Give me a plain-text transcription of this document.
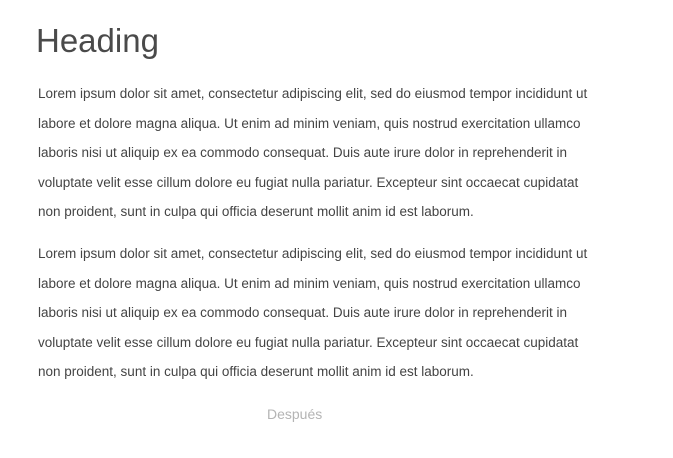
Heading

Lorem ipsum dolor sit amet, consectetur adipiscing elit, sed do eiusmod tempor incididunt ut
labore et dolore magna aliqua. Ut enim ad minim veniam, quis nostrud exercitation ullamco
laboris nisi ut aliquip ex ea commodo consequat. Duis aute irure dolor in reprehenderit in
voluptate velit esse cillum dolore eu fugiat nulla pariatur. Excepteur sint occaecat cupidatat
non proident, sunt in culpa qui officia deserunt mollit anim id est laborum.

Lorem ipsum dolor sit amet, consectetur adipiscing elit, sed do eiusmod tempor incididunt ut
labore et dolore magna aliqua. Ut enim ad minim veniam, quis nostrud exercitation ullamco
laboris nisi ut aliquip ex ea commodo consequat. Duis aute irure dolor in reprehenderit in
voluptate velit esse cillum dolore eu fugiat nulla pariatur. Excepteur sint occaecat cupidatat
non proident, sunt in culpa qui officia deserunt mollit anim id est laborum.

Después
